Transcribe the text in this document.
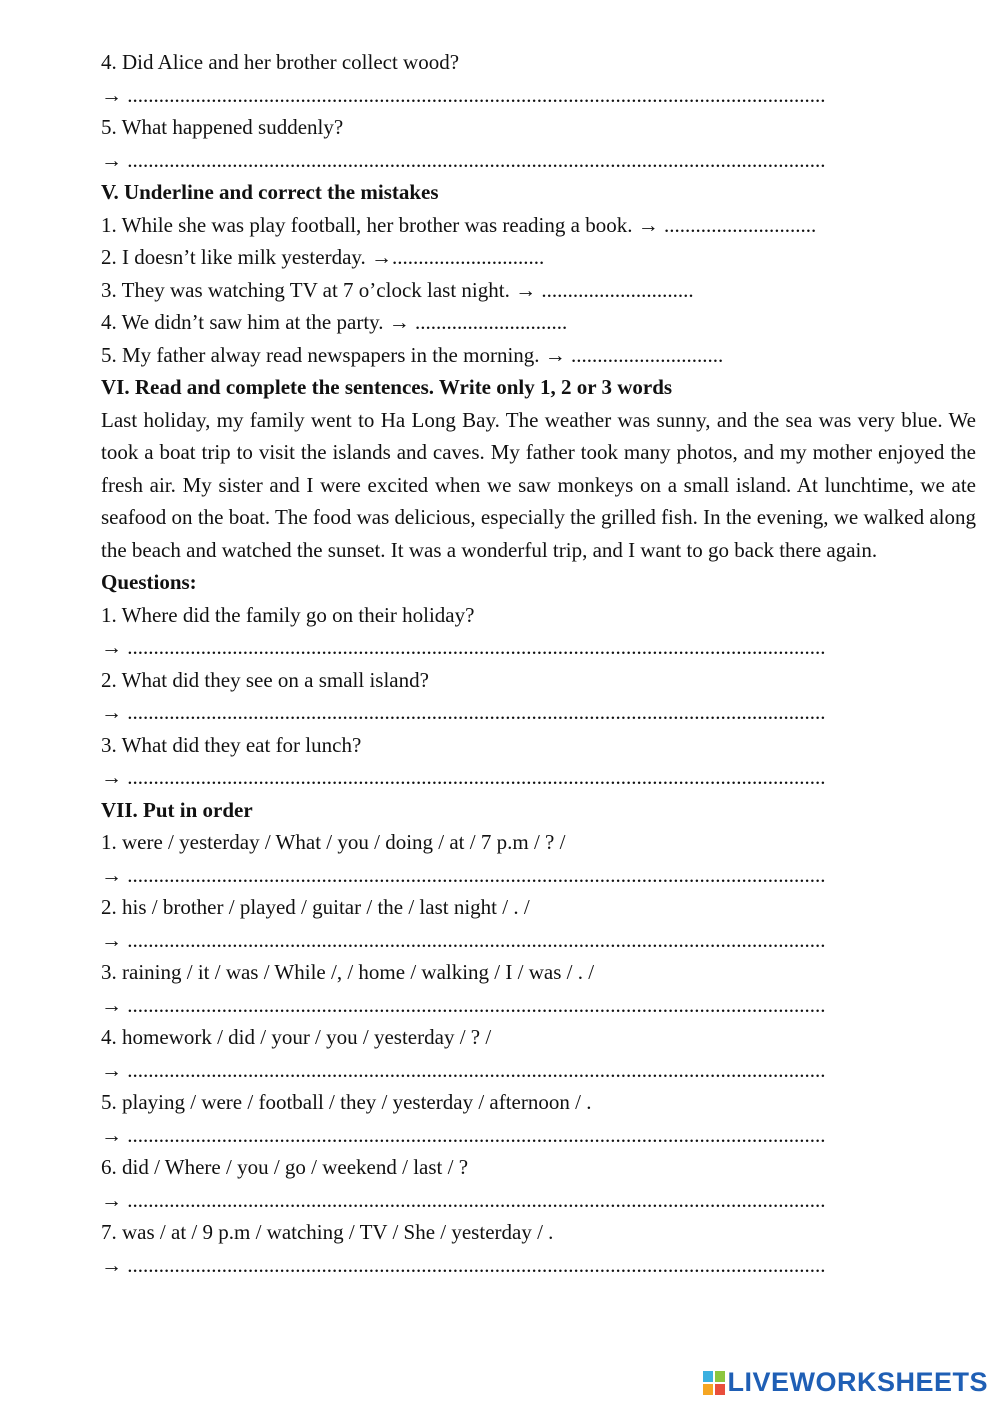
4. Did Alice and her brother collect wood?
→ .....................................................................................................................................
5. What happened suddenly?
→ .....................................................................................................................................
V. Underline and correct the mistakes
1. While she was play football, her brother was reading a book. → .............................
2. I doesn’t like milk yesterday. →.............................
3. They was watching TV at 7 o’clock last night. → .............................
4. We didn’t saw him at the party. → .............................
5. My father alway read newspapers in the morning. → .............................
VI. Read and complete the sentences. Write only 1, 2 or 3 words
Last holiday, my family went to Ha Long Bay. The weather was sunny, and the sea was very blue. We took a boat trip to visit the islands and caves. My father took many photos, and my mother enjoyed the fresh air. My sister and I were excited when we saw monkeys on a small island. At lunchtime, we ate seafood on the boat. The food was delicious, especially the grilled fish. In the evening, we walked along the beach and watched the sunset. It was a wonderful trip, and I want to go back there again.
Questions:
1. Where did the family go on their holiday?
→ .....................................................................................................................................
2. What did they see on a small island?
→ .....................................................................................................................................
3. What did they eat for lunch?
→ .....................................................................................................................................
VII. Put in order
1. were / yesterday / What / you / doing / at / 7 p.m / ? /
→ .....................................................................................................................................
2. his / brother / played / guitar / the / last night / . /
→ .....................................................................................................................................
3. raining / it / was / While /, / home / walking / I / was / . /
→ .....................................................................................................................................
4. homework / did / your / you / yesterday / ? /
→ .....................................................................................................................................
5. playing / were / football / they / yesterday / afternoon / .
→ .....................................................................................................................................
6. did / Where / you / go / weekend / last / ?
→ .....................................................................................................................................
7. was / at / 9 p.m / watching / TV / She / yesterday / .
→ .....................................................................................................................................
LIVEWORKSHEETS
